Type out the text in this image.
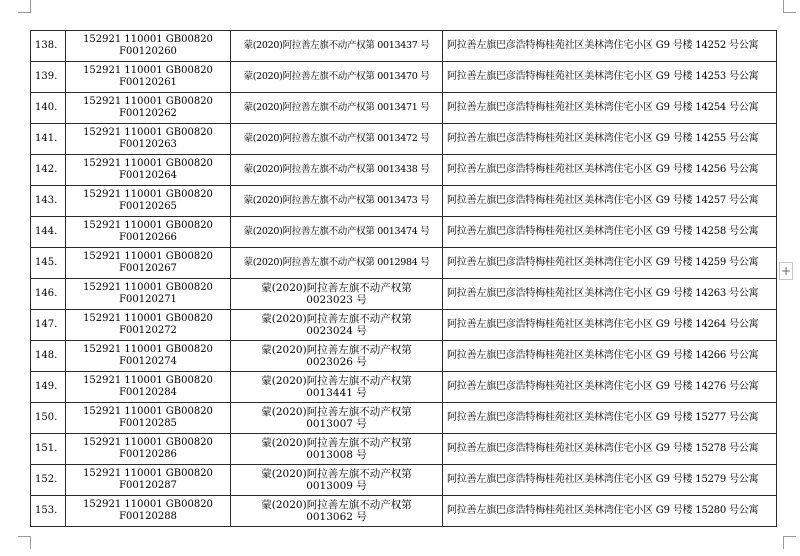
+
138.	152921 110001 GB00820
F00120260	蒙(2020)阿拉善左旗不动产权第 0013437 号	阿拉善左旗巴彦浩特梅桂苑社区美林湾住宅小区 G9 号楼 14252 号公寓
139.	152921 110001 GB00820
F00120261	蒙(2020)阿拉善左旗不动产权第 0013470 号	阿拉善左旗巴彦浩特梅桂苑社区美林湾住宅小区 G9 号楼 14253 号公寓
140.	152921 110001 GB00820
F00120262	蒙(2020)阿拉善左旗不动产权第 0013471 号	阿拉善左旗巴彦浩特梅桂苑社区美林湾住宅小区 G9 号楼 14254 号公寓
141.	152921 110001 GB00820
F00120263	蒙(2020)阿拉善左旗不动产权第 0013472 号	阿拉善左旗巴彦浩特梅桂苑社区美林湾住宅小区 G9 号楼 14255 号公寓
142.	152921 110001 GB00820
F00120264	蒙(2020)阿拉善左旗不动产权第 0013438 号	阿拉善左旗巴彦浩特梅桂苑社区美林湾住宅小区 G9 号楼 14256 号公寓
143.	152921 110001 GB00820
F00120265	蒙(2020)阿拉善左旗不动产权第 0013473 号	阿拉善左旗巴彦浩特梅桂苑社区美林湾住宅小区 G9 号楼 14257 号公寓
144.	152921 110001 GB00820
F00120266	蒙(2020)阿拉善左旗不动产权第 0013474 号	阿拉善左旗巴彦浩特梅桂苑社区美林湾住宅小区 G9 号楼 14258 号公寓
145.	152921 110001 GB00820
F00120267	蒙(2020)阿拉善左旗不动产权第 0012984 号	阿拉善左旗巴彦浩特梅桂苑社区美林湾住宅小区 G9 号楼 14259 号公寓
146.	152921 110001 GB00820
F00120271	蒙(2020)阿拉善左旗不动产权第
0023023 号	阿拉善左旗巴彦浩特梅桂苑社区美林湾住宅小区 G9 号楼 14263 号公寓
147.	152921 110001 GB00820
F00120272	蒙(2020)阿拉善左旗不动产权第
0023024 号	阿拉善左旗巴彦浩特梅桂苑社区美林湾住宅小区 G9 号楼 14264 号公寓
148.	152921 110001 GB00820
F00120274	蒙(2020)阿拉善左旗不动产权第
0023026 号	阿拉善左旗巴彦浩特梅桂苑社区美林湾住宅小区 G9 号楼 14266 号公寓
149.	152921 110001 GB00820
F00120284	蒙(2020)阿拉善左旗不动产权第
0013441 号	阿拉善左旗巴彦浩特梅桂苑社区美林湾住宅小区 G9 号楼 14276 号公寓
150.	152921 110001 GB00820
F00120285	蒙(2020)阿拉善左旗不动产权第
0013007 号	阿拉善左旗巴彦浩特梅桂苑社区美林湾住宅小区 G9 号楼 15277 号公寓
151.	152921 110001 GB00820
F00120286	蒙(2020)阿拉善左旗不动产权第
0013008 号	阿拉善左旗巴彦浩特梅桂苑社区美林湾住宅小区 G9 号楼 15278 号公寓
152.	152921 110001 GB00820
F00120287	蒙(2020)阿拉善左旗不动产权第
0013009 号	阿拉善左旗巴彦浩特梅桂苑社区美林湾住宅小区 G9 号楼 15279 号公寓
153.	152921 110001 GB00820
F00120288	蒙(2020)阿拉善左旗不动产权第
0013062 号	阿拉善左旗巴彦浩特梅桂苑社区美林湾住宅小区 G9 号楼 15280 号公寓
